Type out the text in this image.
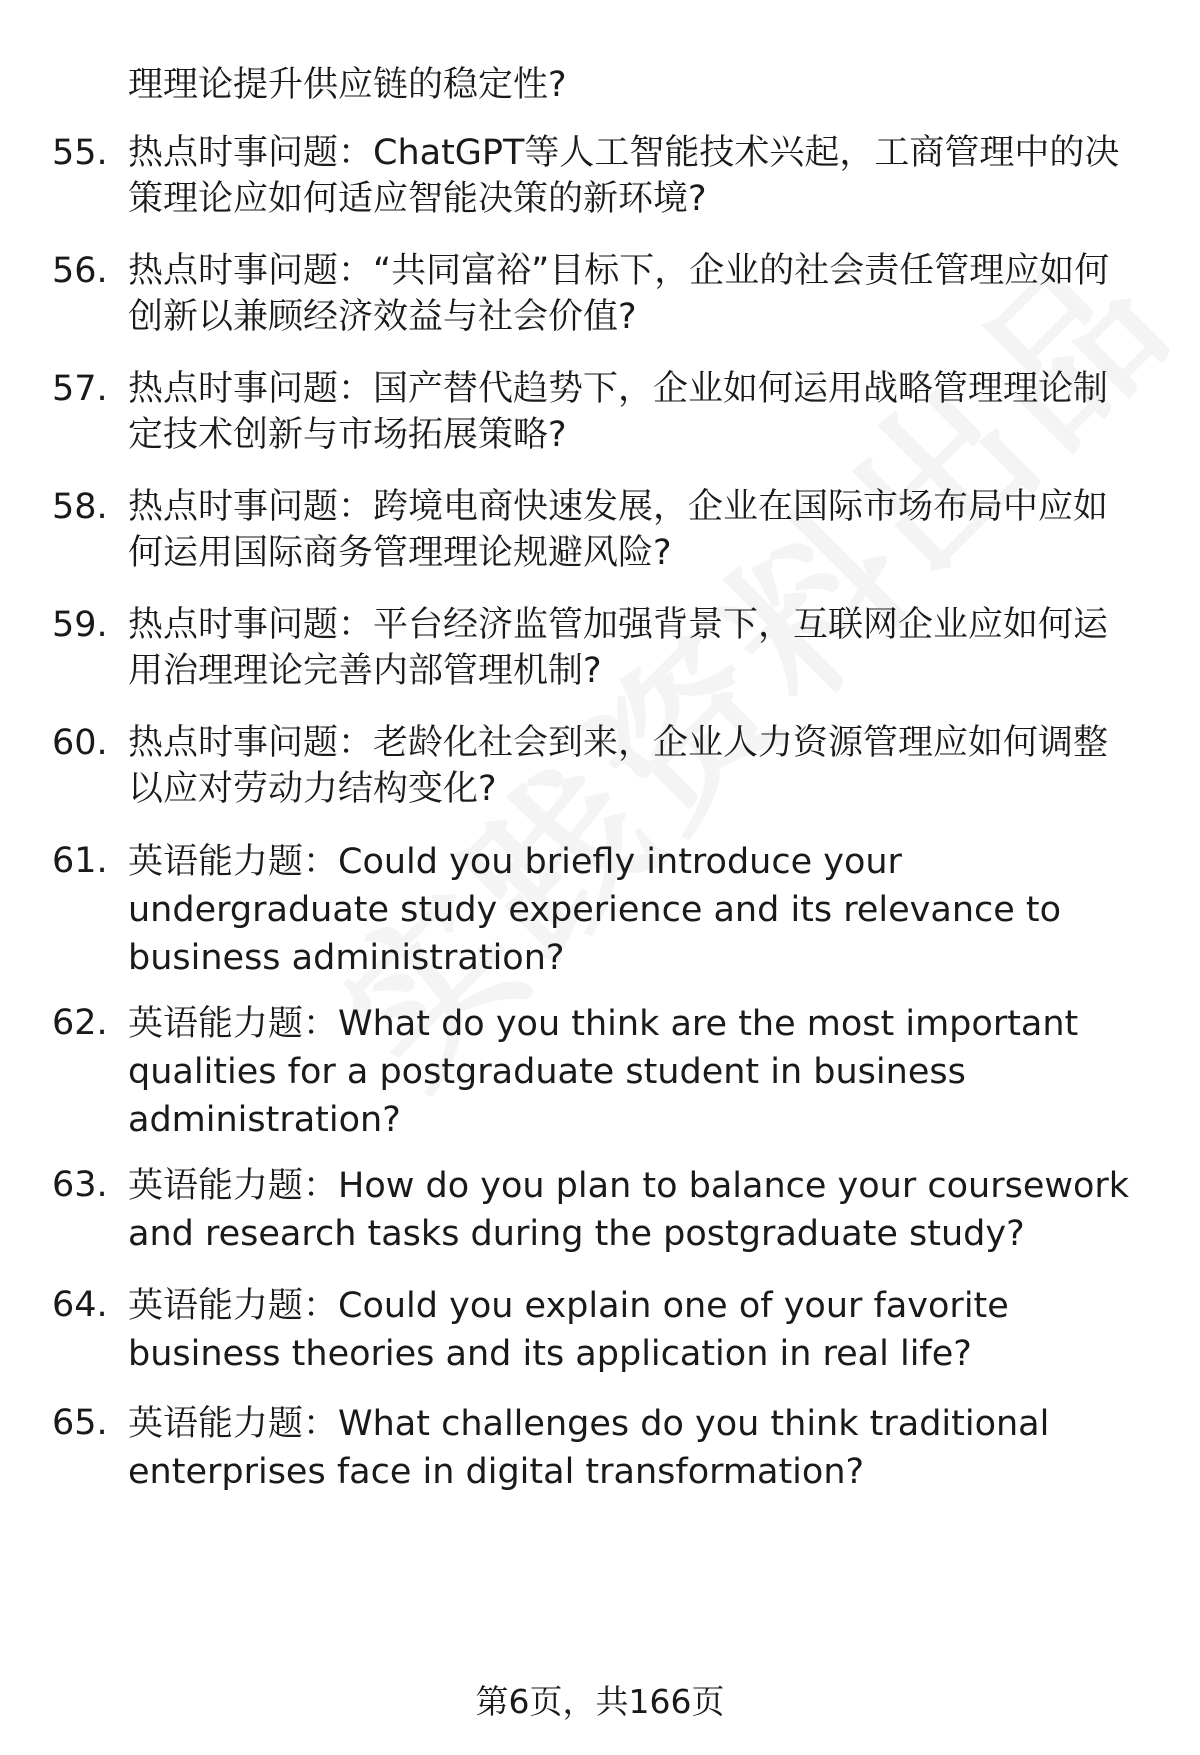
理理论提升供应链的稳定性?
55. 热点时事问题：ChatGPT等人工智能技术兴起，工商管理中的决策理论应如何适应智能决策的新环境?
56. 热点时事问题：“共同富裕”目标下，企业的社会责任管理应如何创新以兼顾经济效益与社会价值?
57. 热点时事问题：国产替代趋势下，企业如何运用战略管理理论制定技术创新与市场拓展策略?
58. 热点时事问题：跨境电商快速发展，企业在国际市场布局中应如何运用国际商务管理理论规避风险?
59. 热点时事问题：平台经济监管加强背景下，互联网企业应如何运用治理理论完善内部管理机制?
60. 热点时事问题：老龄化社会到来，企业人力资源管理应如何调整以应对劳动力结构变化?
61. 英语能力题：Could you briefly introduce your undergraduate study experience and its relevance to business administration?
62. 英语能力题：What do you think are the most important qualities for a postgraduate student in business administration?
63. 英语能力题：How do you plan to balance your coursework and research tasks during the postgraduate study?
64. 英语能力题：Could you explain one of your favorite business theories and its application in real life?
65. 英语能力题：What challenges do you think traditional enterprises face in digital transformation?
第6页，共166页
